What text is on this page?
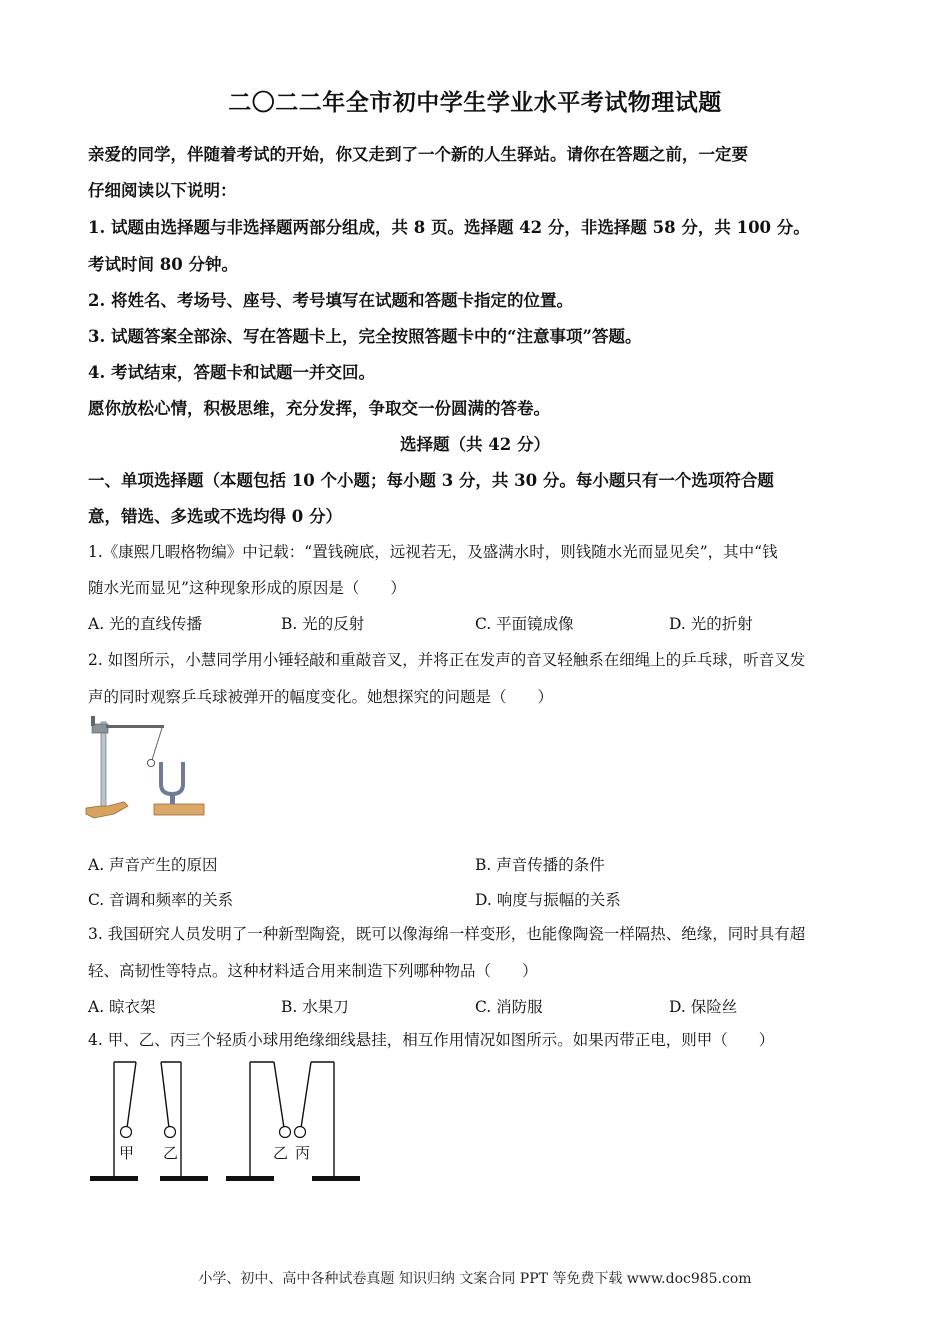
二〇二二年全市初中学生学业水平考试物理试题
亲爱的同学，伴随着考试的开始，你又走到了一个新的人生驿站。请你在答题之前，一定要
仔细阅读以下说明：
1. 试题由选择题与非选择题两部分组成，共 8 页。选择题 42 分，非选择题 58 分，共 100 分。
考试时间 80 分钟。
2. 将姓名、考场号、座号、考号填写在试题和答题卡指定的位置。
3. 试题答案全部涂、写在答题卡上，完全按照答题卡中的“注意事项”答题。
4. 考试结束，答题卡和试题一并交回。
愿你放松心情，积极思维，充分发挥，争取交一份圆满的答卷。
选择题（共 42 分）
一、单项选择题（本题包括 10 个小题；每小题 3 分，共 30 分。每小题只有一个选项符合题
意，错选、多选或不选均得 0 分）
1.《康熙几暇格物编》中记载：“置钱碗底，远视若无，及盛满水时，则钱随水光而显见矣”，其中“钱
随水光而显见”这种现象形成的原因是（　　）
A. 光的直线传播	B. 光的反射	C. 平面镜成像	D. 光的折射
2. 如图所示，小慧同学用小锤轻敲和重敲音叉，并将正在发声的音叉轻触系在细绳上的乒乓球，听音叉发
声的同时观察乒乓球被弹开的幅度变化。她想探究的问题是（　　）
A. 声音产生的原因	B. 声音传播的条件
C. 音调和频率的关系	D. 响度与振幅的关系
3. 我国研究人员发明了一种新型陶瓷，既可以像海绵一样变形，也能像陶瓷一样隔热、绝缘，同时具有超
轻、高韧性等特点。这种材料适合用来制造下列哪种物品（　　）
A. 晾衣架	B. 水果刀	C. 消防服	D. 保险丝
4. 甲、乙、丙三个轻质小球用绝缘细线悬挂，相互作用情况如图所示。如果丙带正电，则甲（　　）
甲 乙	乙 丙
小学、初中、高中各种试卷真题 知识归纳 文案合同 PPT 等免费下载 www.doc985.com
